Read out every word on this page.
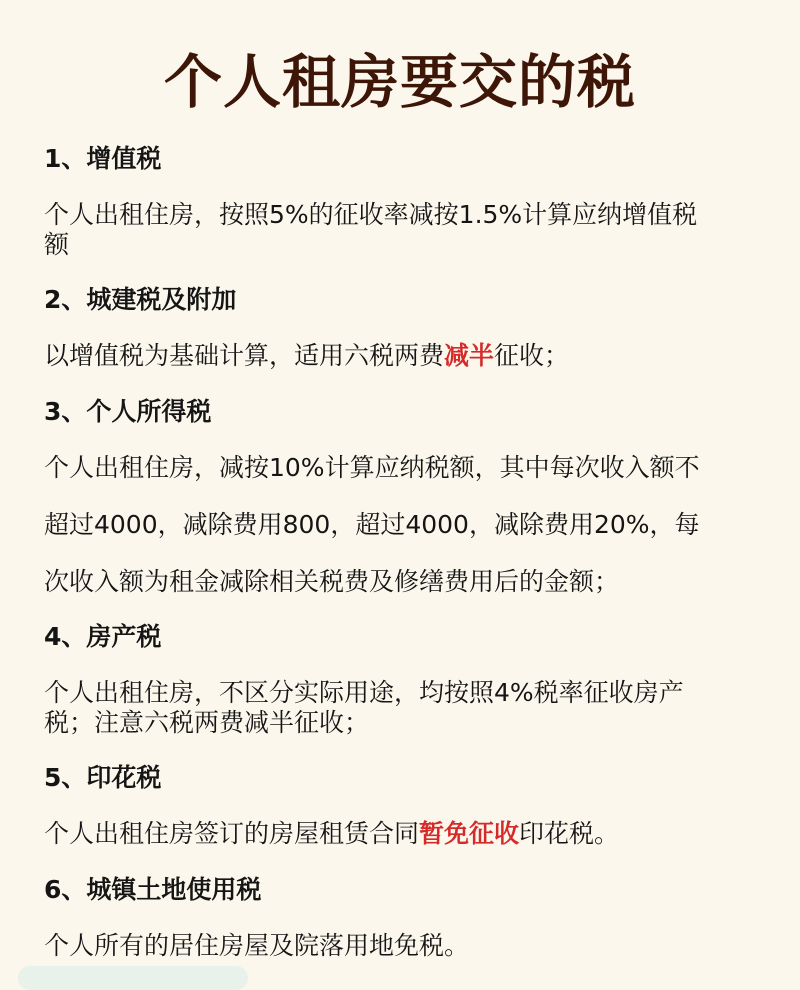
个人租房要交的税
1、增值税
个人出租住房，按照5%的征收率减按1.5%计算应纳增值税
额
2、城建税及附加
以增值税为基础计算，适用六税两费减半征收；
3、个人所得税
个人出租住房，减按10%计算应纳税额，其中每次收入额不
超过4000，减除费用800，超过4000，减除费用20%，每
次收入额为租金减除相关税费及修缮费用后的金额；
4、房产税
个人出租住房，不区分实际用途，均按照4%税率征收房产
税；注意六税两费减半征收；
5、印花税
个人出租住房签订的房屋租赁合同暂免征收印花税。
6、城镇土地使用税
个人所有的居住房屋及院落用地免税。
